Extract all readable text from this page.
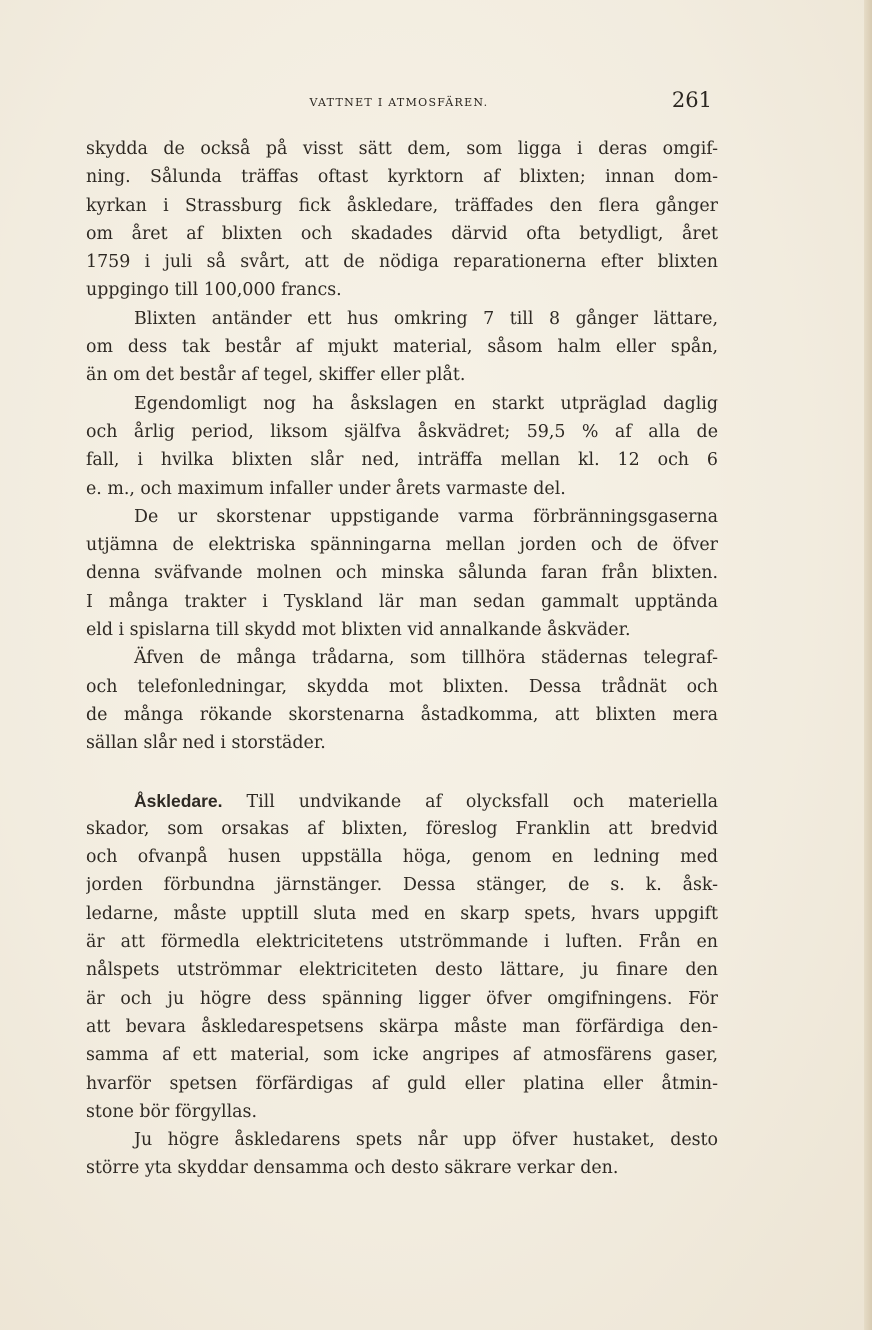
VATTNET I ATMOSFÄREN.	261
skydda de också på visst sätt dem, som ligga i deras omgif-
ning. Sålunda träffas oftast kyrktorn af blixten; innan dom-
kyrkan i Strassburg fick åskledare, träffades den flera gånger
om året af blixten och skadades därvid ofta betydligt, året
1759 i juli så svårt, att de nödiga reparationerna efter blixten
uppgingo till 100,000 francs.
Blixten antänder ett hus omkring 7 till 8 gånger lättare,
om dess tak består af mjukt material, såsom halm eller spån,
än om det består af tegel, skiffer eller plåt.
Egendomligt nog ha åskslagen en starkt utpräglad daglig
och årlig period, liksom själfva åskvädret; 59,5 % af alla de
fall, i hvilka blixten slår ned, inträffa mellan kl. 12 och 6
e. m., och maximum infaller under årets varmaste del.
De ur skorstenar uppstigande varma förbränningsgaserna
utjämna de elektriska spänningarna mellan jorden och de öfver
denna sväfvande molnen och minska sålunda faran från blixten.
I många trakter i Tyskland lär man sedan gammalt upptända
eld i spislarna till skydd mot blixten vid annalkande åskväder.
Äfven de många trådarna, som tillhöra städernas telegraf-
och telefonledningar, skydda mot blixten. Dessa trådnät och
de många rökande skorstenarna åstadkomma, att blixten mera
sällan slår ned i storstäder.
Åskledare. Till undvikande af olycksfall och materiella
skador, som orsakas af blixten, föreslog Franklin att bredvid
och ofvanpå husen uppställa höga, genom en ledning med
jorden förbundna järnstänger. Dessa stänger, de s. k. åsk-
ledarne, måste upptill sluta med en skarp spets, hvars uppgift
är att förmedla elektricitetens utströmmande i luften. Från en
nålspets utströmmar elektriciteten desto lättare, ju finare den
är och ju högre dess spänning ligger öfver omgifningens. För
att bevara åskledarespetsens skärpa måste man förfärdiga den-
samma af ett material, som icke angripes af atmosfärens gaser,
hvarför spetsen förfärdigas af guld eller platina eller åtmin-
stone bör förgyllas.
Ju högre åskledarens spets når upp öfver hustaket, desto
större yta skyddar densamma och desto säkrare verkar den.
